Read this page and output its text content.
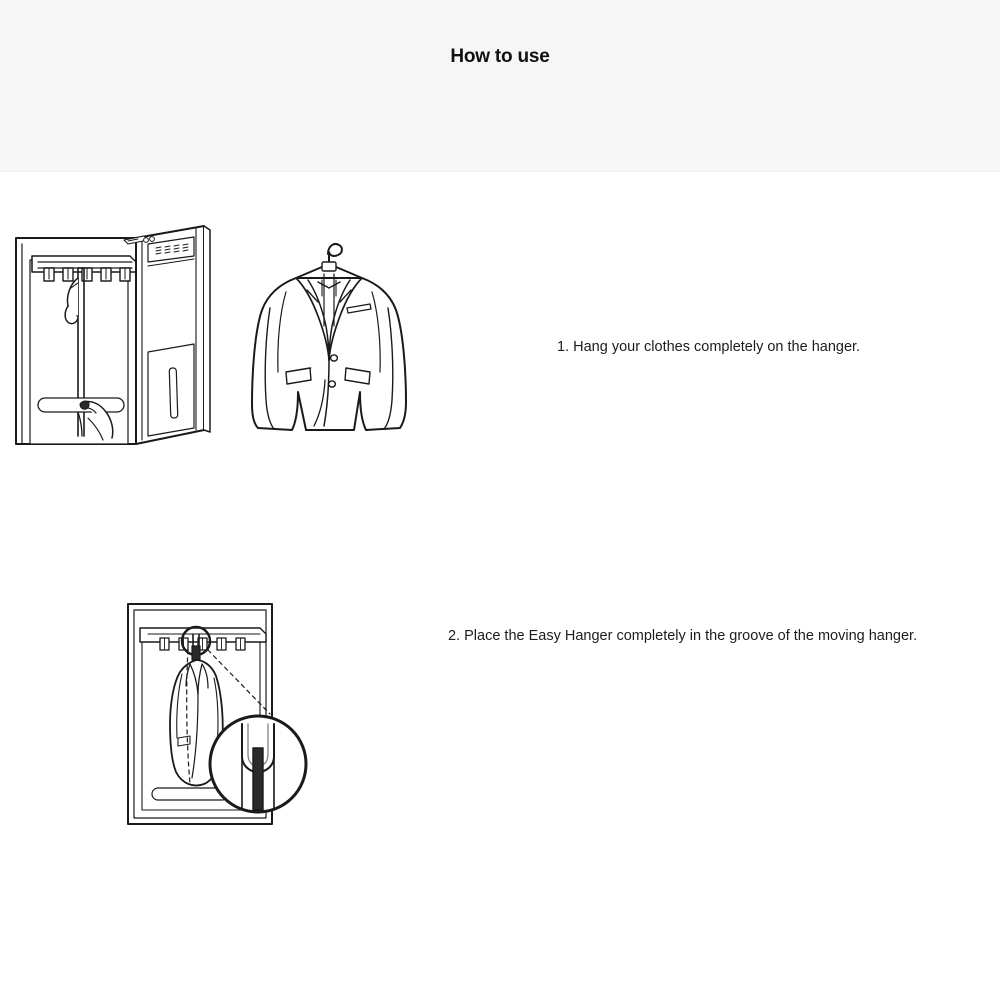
How to use
1. Hang your clothes completely on the hanger.
2. Place the Easy Hanger completely in the groove of the moving hanger.
